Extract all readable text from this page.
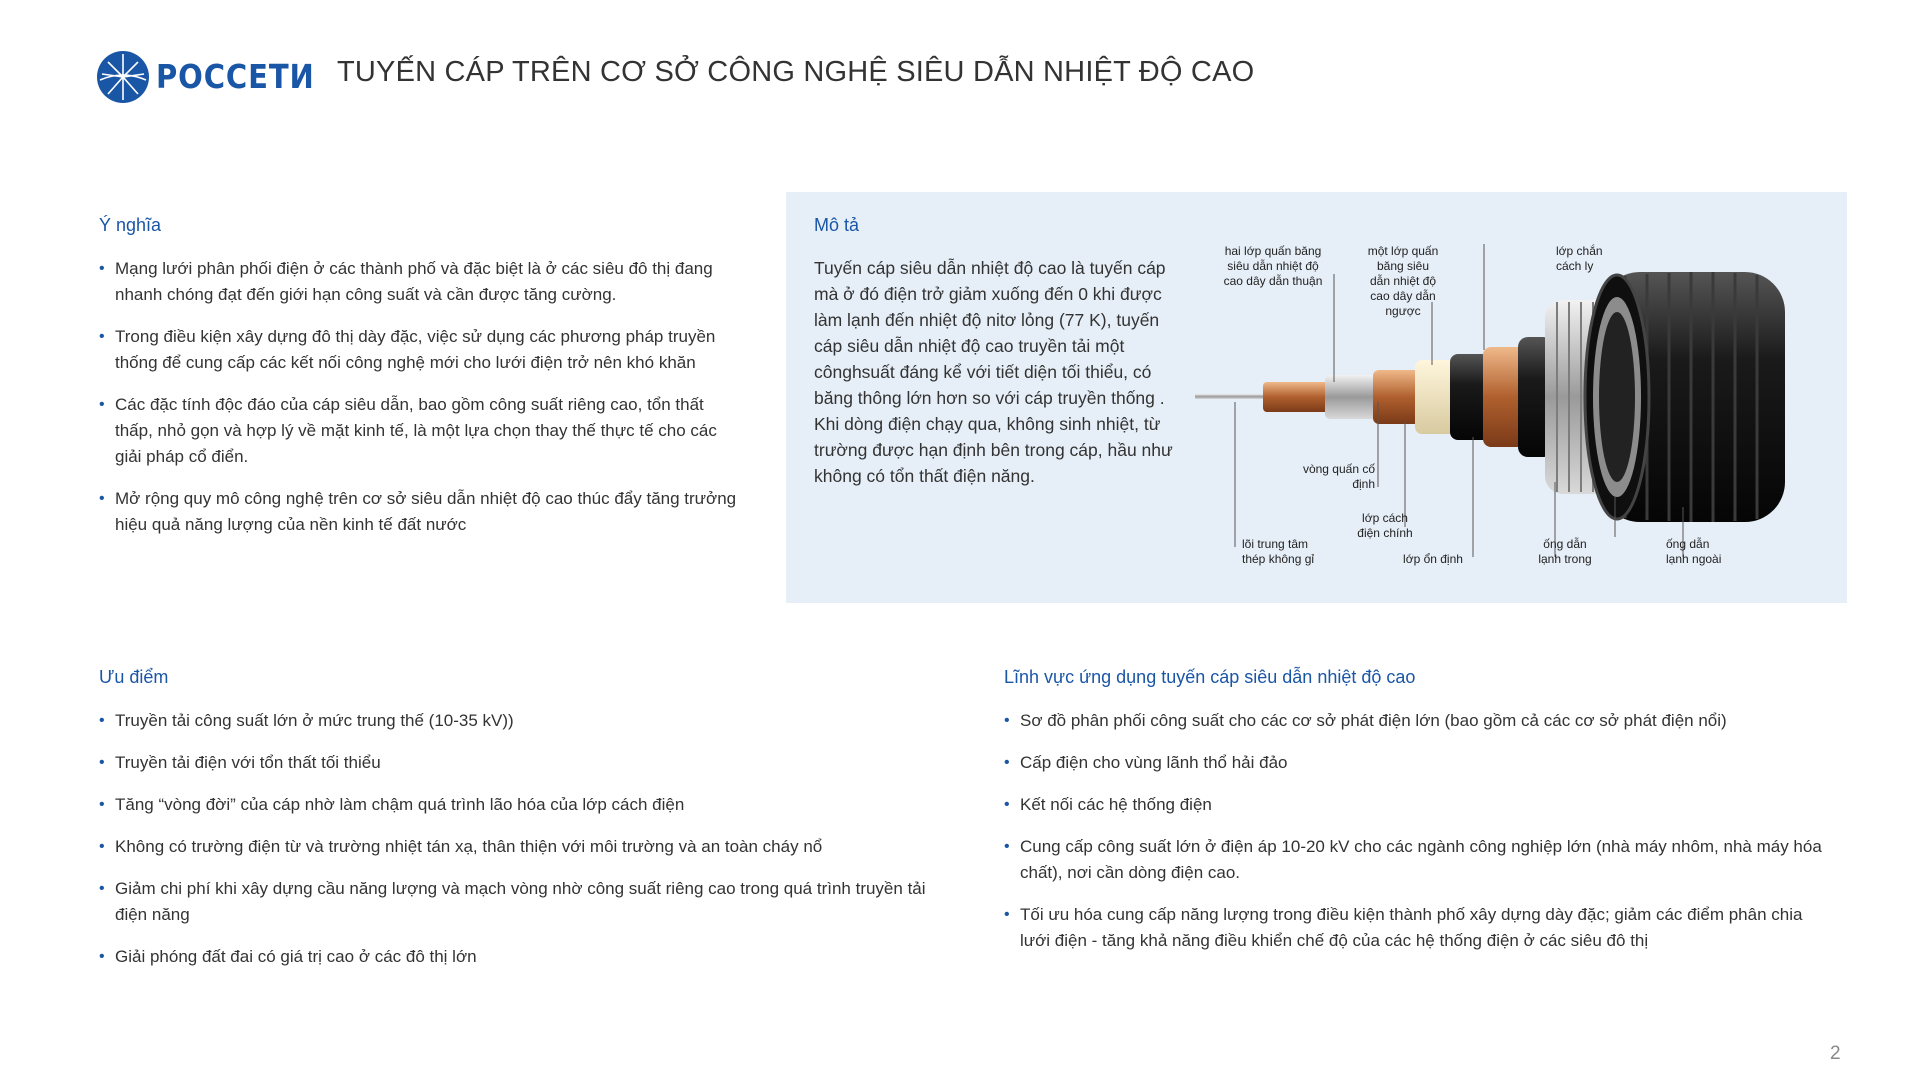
РОССЕТИ TUYẾN CÁP TRÊN CƠ SỞ CÔNG NGHỆ SIÊU DẪN NHIỆT ĐỘ CAO
Ý nghĩa
• Mạng lưới phân phối điện ở các thành phố và đặc biệt là ở các siêu đô thị đang nhanh chóng đạt đến giới hạn công suất và cần được tăng cường.
• Trong điều kiện xây dựng đô thị dày đặc, việc sử dụng các phương pháp truyền thống để cung cấp các kết nối công nghệ mới cho lưới điện trở nên khó khăn
• Các đặc tính độc đáo của cáp siêu dẫn, bao gồm công suất riêng cao, tổn thất thấp, nhỏ gọn và hợp lý về mặt kinh tế, là một lựa chọn thay thế thực tế cho các giải pháp cổ điển.
• Mở rộng quy mô công nghệ trên cơ sở siêu dẫn nhiệt độ cao thúc đẩy tăng trưởng hiệu quả năng lượng của nền kinh tế đất nước
Mô tả
Tuyến cáp siêu dẫn nhiệt độ cao là tuyến cáp mà ở đó điện trở giảm xuống đến 0 khi được làm lạnh đến nhiệt độ nitơ lỏng (77 K), tuyến cáp siêu dẫn nhiệt độ cao truyền tải một cônghsuất đáng kể với tiết diện tối thiểu, có băng thông lớn hơn so với cáp truyền thống . Khi dòng điện chạy qua, không sinh nhiệt, từ trường được hạn định bên trong cáp, hầu như không có tổn thất điện năng.
hai lớp quấn băng
siêu dẫn nhiệt độ
cao dây dẫn thuận
một lớp quấn
băng siêu
dẫn nhiệt độ
cao dây dẫn
ngược
lớp chắn
cách ly
vòng quấn cố
định
lớp cách
điện chính
lõi trung tâm
thép không gỉ	lớp ổn định
ống dẫn
lạnh trong
ống dẫn
lạnh ngoài
Ưu điểm
• Truyền tải công suất lớn ở mức trung thế (10-35 kV))
• Truyền tải điện với tổn thất tối thiểu
• Tăng “vòng đời” của cáp nhờ làm chậm quá trình lão hóa của lớp cách điện
• Không có trường điện từ và trường nhiệt tán xạ, thân thiện với môi trường và an toàn cháy nổ
• Giảm chi phí khi xây dựng cầu năng lượng và mạch vòng nhờ công suất riêng cao trong quá trình truyền tải điện năng
• Giải phóng đất đai có giá trị cao ở các đô thị lớn
Lĩnh vực ứng dụng tuyến cáp siêu dẫn nhiệt độ cao
• Sơ đồ phân phối công suất cho các cơ sở phát điện lớn (bao gồm cả các cơ sở phát điện nổi)
• Cấp điện cho vùng lãnh thổ hải đảo
• Kết nối các hệ thống điện
• Cung cấp công suất lớn ở điện áp 10-20 kV cho các ngành công nghiệp lớn (nhà máy nhôm, nhà máy hóa chất), nơi cần dòng điện cao.
• Tối ưu hóa cung cấp năng lượng trong điều kiện thành phố xây dựng dày đặc; giảm các điểm phân chia lưới điện - tăng khả năng điều khiển chế độ của các hệ thống điện ở các siêu đô thị
2
